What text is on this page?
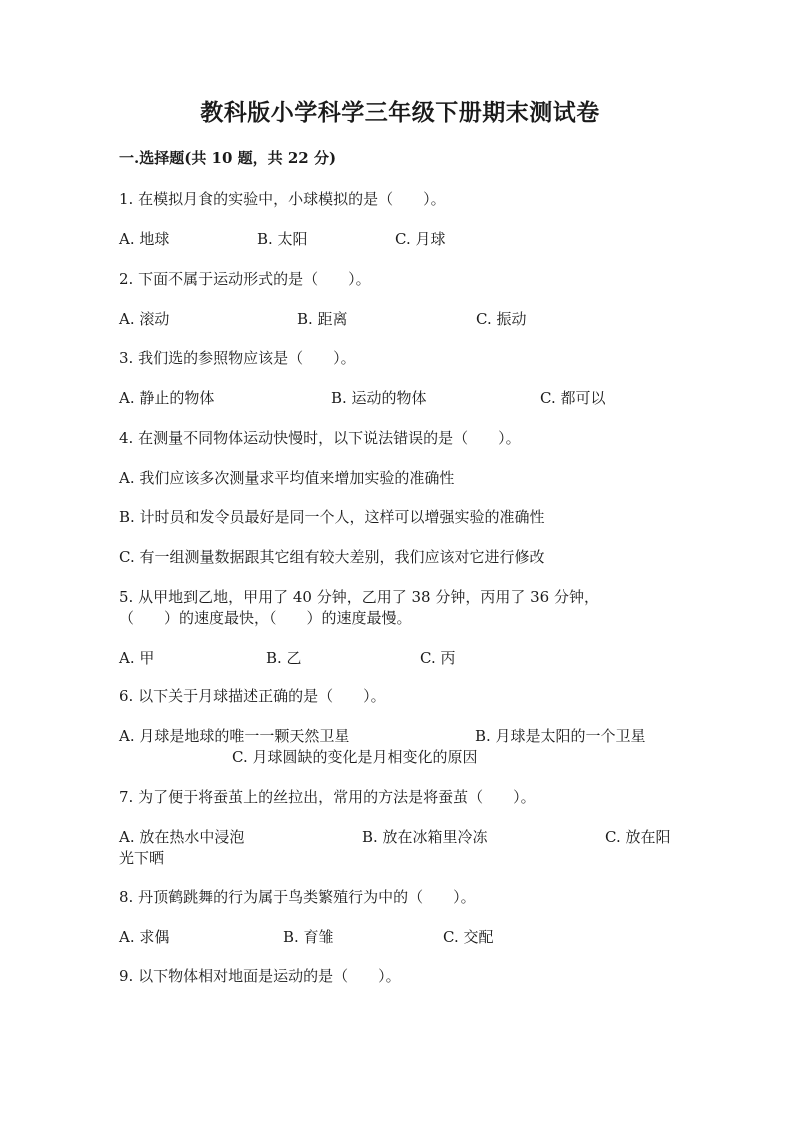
教科版小学科学三年级下册期末测试卷
一.选择题(共 10 题，共 22 分)
1. 在模拟月食的实验中，小球模拟的是（　　）。
A. 地球	B. 太阳	C. 月球
2. 下面不属于运动形式的是（　　）。
A. 滚动	B. 距离	C. 振动
3. 我们选的参照物应该是（　　）。
A. 静止的物体	B. 运动的物体	C. 都可以
4. 在测量不同物体运动快慢时，以下说法错误的是（　　）。
A. 我们应该多次测量求平均值来增加实验的准确性
B. 计时员和发令员最好是同一个人，这样可以增强实验的准确性
C. 有一组测量数据跟其它组有较大差别，我们应该对它进行修改
5. 从甲地到乙地，甲用了 40 分钟，乙用了 38 分钟，丙用了 36 分钟，
（　　）的速度最快，（　　）的速度最慢。
A. 甲	B. 乙	C. 丙
6. 以下关于月球描述正确的是（　　）。
A. 月球是地球的唯一一颗天然卫星	B. 月球是太阳的一个卫星
C. 月球圆缺的变化是月相变化的原因
7. 为了便于将蚕茧上的丝拉出，常用的方法是将蚕茧（　　）。
A. 放在热水中浸泡	B. 放在冰箱里冷冻	C. 放在阳
光下晒
8. 丹顶鹤跳舞的行为属于鸟类繁殖行为中的（　　）。
A. 求偶	B. 育雏	C. 交配
9. 以下物体相对地面是运动的是（　　）。
